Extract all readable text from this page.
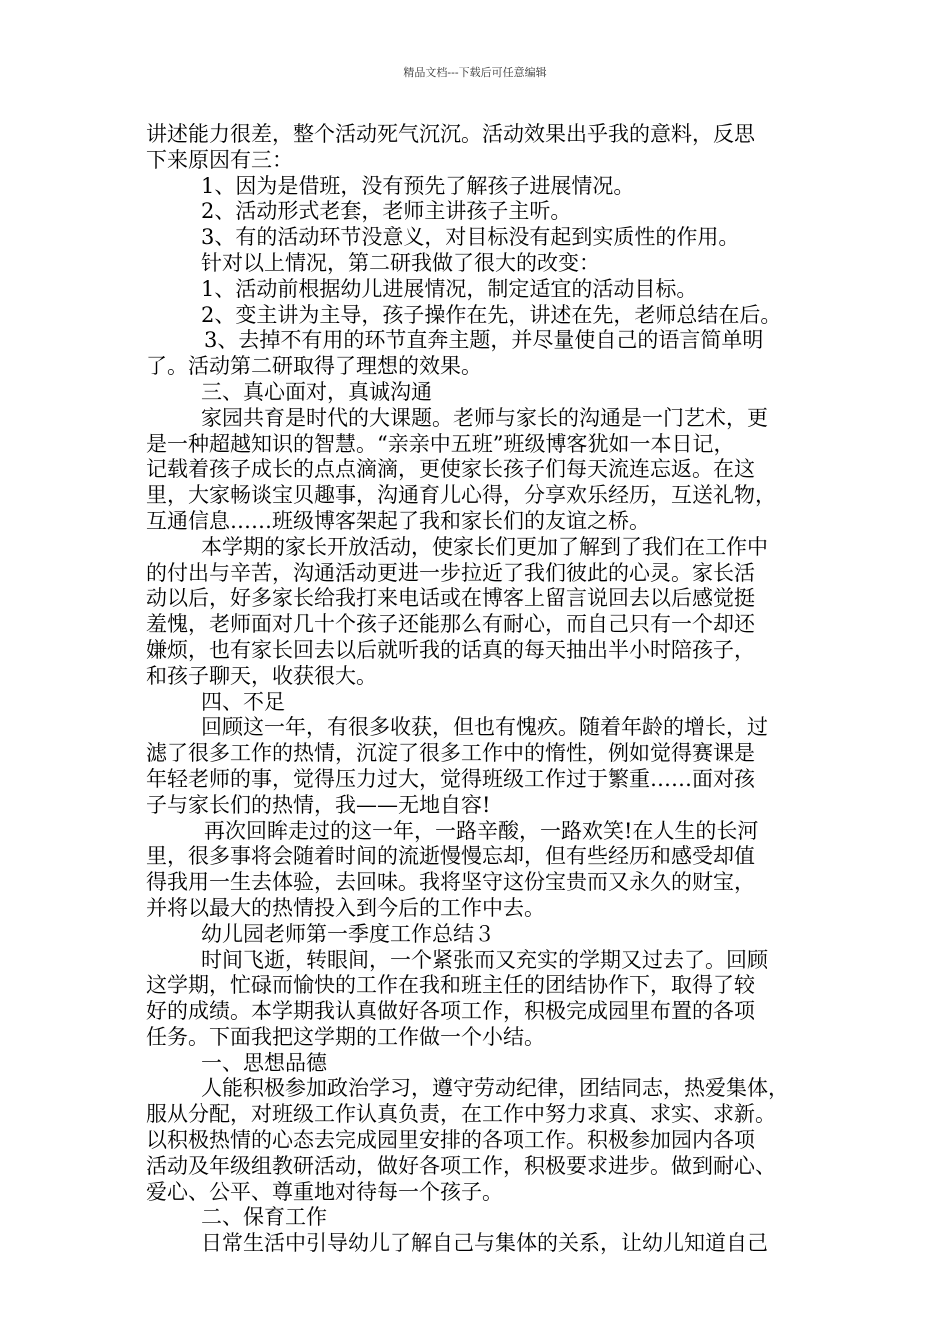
精品文档---下载后可任意编辑

讲述能力很差，整个活动死气沉沉。活动效果出乎我的意料，反思

下来原因有三：

1、因为是借班，没有预先了解孩子进展情况。

2、活动形式老套，老师主讲孩子主听。

3、有的活动环节没意义，对目标没有起到实质性的作用。

针对以上情况，第二研我做了很大的改变：

1、活动前根据幼儿进展情况，制定适宜的活动目标。

2、变主讲为主导，孩子操作在先，讲述在先，老师总结在后。

3、去掉不有用的环节直奔主题，并尽量使自己的语言简单明

了。活动第二研取得了理想的效果。

三、真心面对，真诚沟通

家园共育是时代的大课题。老师与家长的沟通是一门艺术，更

是一种超越知识的智慧。“亲亲中五班”班级博客犹如一本日记，

记载着孩子成长的点点滴滴，更使家长孩子们每天流连忘返。在这

里，大家畅谈宝贝趣事，沟通育儿心得，分享欢乐经历，互送礼物，

互通信息……班级博客架起了我和家长们的友谊之桥。

本学期的家长开放活动，使家长们更加了解到了我们在工作中

的付出与辛苦，沟通活动更进一步拉近了我们彼此的心灵。家长活

动以后，好多家长给我打来电话或在博客上留言说回去以后感觉挺

羞愧，老师面对几十个孩子还能那么有耐心，而自己只有一个却还

嫌烦，也有家长回去以后就听我的话真的每天抽出半小时陪孩子，

和孩子聊天，收获很大。

四、不足

回顾这一年，有很多收获，但也有愧疚。随着年龄的增长，过

滤了很多工作的热情，沉淀了很多工作中的惰性，例如觉得赛课是

年轻老师的事，觉得压力过大，觉得班级工作过于繁重……面对孩

子与家长们的热情，我——无地自容!

再次回眸走过的这一年，一路辛酸，一路欢笑!在人生的长河

里，很多事将会随着时间的流逝慢慢忘却，但有些经历和感受却值

得我用一生去体验，去回味。我将坚守这份宝贵而又永久的财宝，

并将以最大的热情投入到今后的工作中去。

幼儿园老师第一季度工作总结３

时间飞逝，转眼间，一个紧张而又充实的学期又过去了。回顾

这学期，忙碌而愉快的工作在我和班主任的团结协作下，取得了较

好的成绩。本学期我认真做好各项工作，积极完成园里布置的各项

任务。下面我把这学期的工作做一个小结。

一、思想品德

人能积极参加政治学习，遵守劳动纪律，团结同志，热爱集体，

服从分配，对班级工作认真负责，在工作中努力求真、求实、求新。

以积极热情的心态去完成园里安排的各项工作。积极参加园内各项

活动及年级组教研活动，做好各项工作，积极要求进步。做到耐心、

爱心、公平、尊重地对待每一个孩子。

二、保育工作

日常生活中引导幼儿了解自己与集体的关系，让幼儿知道自己
